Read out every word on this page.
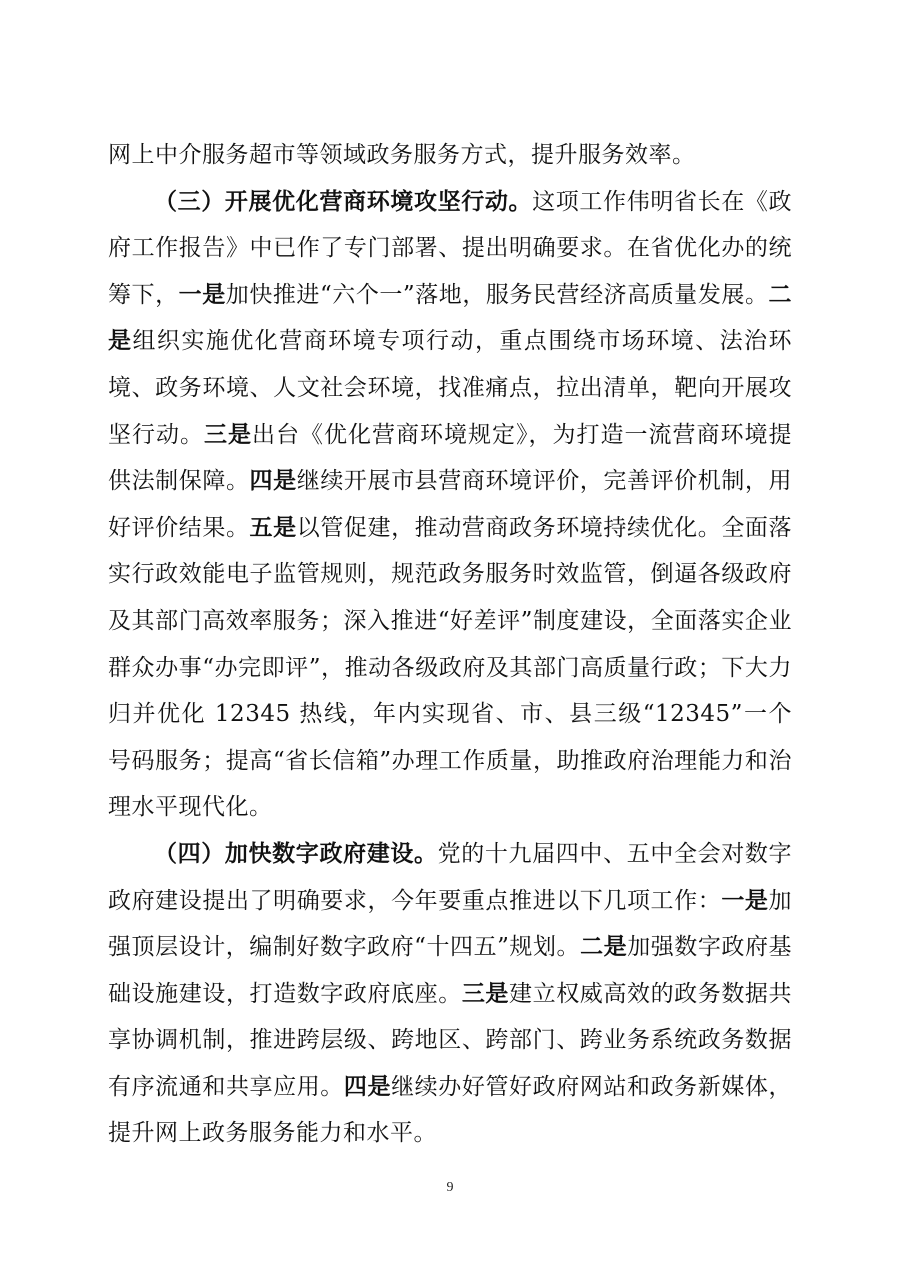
网上中介服务超市等领域政务服务方式，提升服务效率。

（三）开展优化营商环境攻坚行动。这项工作伟明省长在《政府工作报告》中已作了专门部署、提出明确要求。在省优化办的统筹下，一是加快推进“六个一”落地，服务民营经济高质量发展。二是组织实施优化营商环境专项行动，重点围绕市场环境、法治环境、政务环境、人文社会环境，找准痛点，拉出清单，靶向开展攻坚行动。三是出台《优化营商环境规定》，为打造一流营商环境提供法制保障。四是继续开展市县营商环境评价，完善评价机制，用好评价结果。五是以管促建，推动营商政务环境持续优化。全面落实行政效能电子监管规则，规范政务服务时效监管，倒逼各级政府及其部门高效率服务；深入推进“好差评”制度建设，全面落实企业群众办事“办完即评”，推动各级政府及其部门高质量行政；下大力归并优化 12345 热线，年内实现省、市、县三级“12345”一个号码服务；提高“省长信箱”办理工作质量，助推政府治理能力和治理水平现代化。

（四）加快数字政府建设。党的十九届四中、五中全会对数字政府建设提出了明确要求，今年要重点推进以下几项工作：一是加强顶层设计，编制好数字政府“十四五”规划。二是加强数字政府基础设施建设，打造数字政府底座。三是建立权威高效的政务数据共享协调机制，推进跨层级、跨地区、跨部门、跨业务系统政务数据有序流通和共享应用。四是继续办好管好政府网站和政务新媒体，提升网上政务服务能力和水平。

9
